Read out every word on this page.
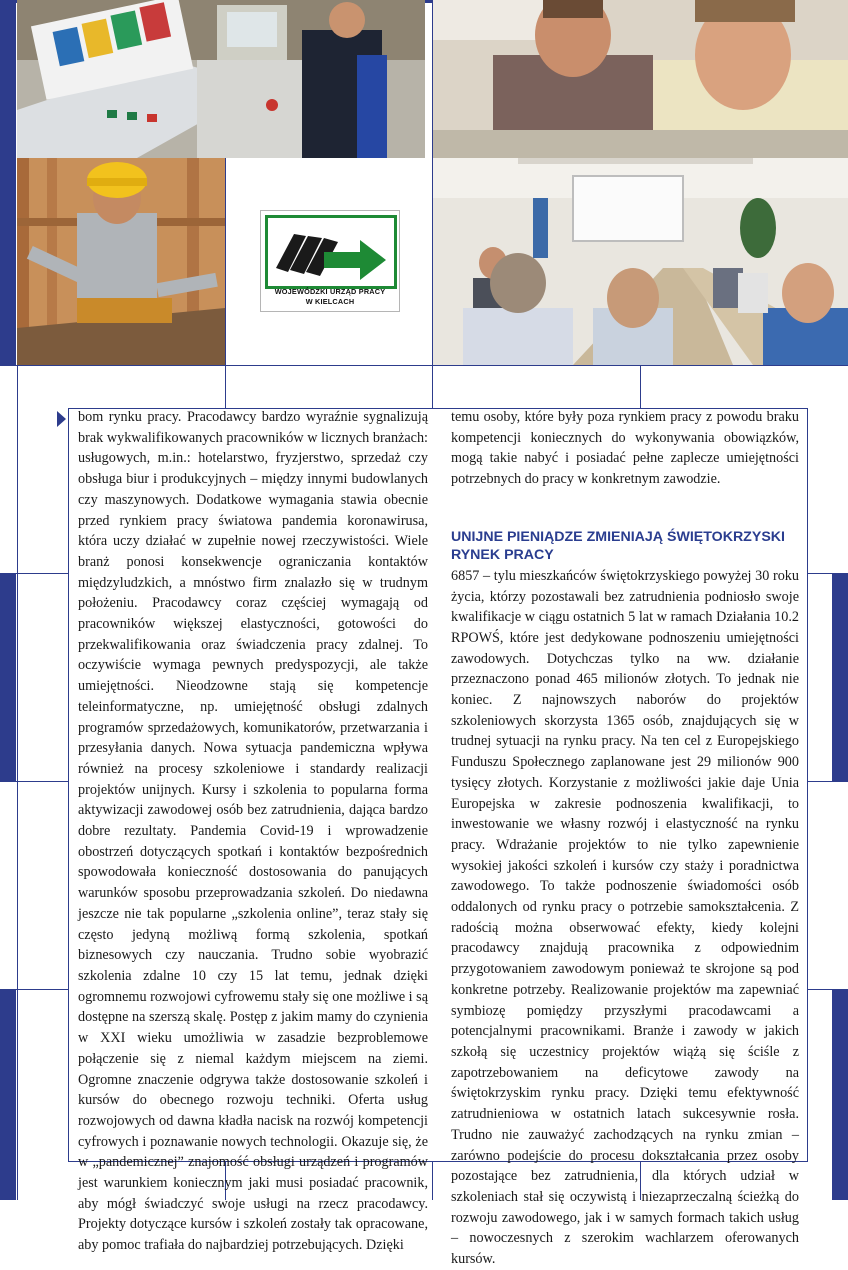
WOJEWÓDZKI URZĄD PRACY
W KIELCACH
bom rynku pracy. Pracodawcy bardzo wyraźnie sygnalizują brak wykwalifikowanych pracowników w licznych branżach: usługowych, m.in.: hotelarstwo, fryzjerstwo, sprzedaż czy obsługa biur i produkcyjnych – między innymi budowlanych czy maszynowych. Dodatkowe wymagania stawia obecnie przed rynkiem pracy światowa pandemia koronawirusa, która uczy działać w zupełnie nowej rzeczywistości. Wiele branż ponosi konsekwencje ograniczania kontaktów międzyludzkich, a mnóstwo firm znalazło się w trudnym położeniu. Pracodawcy coraz częściej wymagają od pracowników większej elastyczności, gotowości do przekwalifikowania oraz świadczenia pracy zdalnej. To oczywiście wymaga pewnych predyspozycji, ale także umiejętności. Nieodzowne stają się kompetencje teleinformatyczne, np. umiejętność obsługi zdalnych programów sprzedażowych, komunikatorów, przetwarzania i przesyłania danych. Nowa sytuacja pandemiczna wpływa również na procesy szkoleniowe i standardy realizacji projektów unijnych. Kursy i szkolenia to popularna forma aktywizacji zawodowej osób bez zatrudnienia, dająca bardzo dobre rezultaty. Pandemia Covid-19 i wprowadzenie obostrzeń dotyczących spotkań i kontaktów bezpośrednich spowodowała konieczność dostosowania do panujących warunków sposobu przeprowadzania szkoleń. Do niedawna jeszcze nie tak popularne „szkolenia online”, teraz stały się często jedyną możliwą formą szkolenia, spotkań biznesowych czy nauczania. Trudno sobie wyobrazić szkolenia zdalne 10 czy 15 lat temu, jednak dzięki ogromnemu rozwojowi cyfrowemu stały się one możliwe i są dostępne na szerszą skalę. Postęp z jakim mamy do czynienia w XXI wieku umożliwia w zasadzie bezproblemowe połączenie się z niemal każdym miejscem na ziemi. Ogromne znaczenie odgrywa także dostosowanie szkoleń i kursów do obecnego rozwoju techniki. Oferta usług rozwojowych od dawna kładła nacisk na rozwój kompetencji cyfrowych i poznawanie nowych technologii. Okazuje się, że w „pandemicznej” znajomość obsługi urządzeń i programów jest warunkiem koniecznym jaki musi posiadać pracownik, aby mógł świadczyć swoje usługi na rzecz pracodawcy. Projekty dotyczące kursów i szkoleń zostały tak opracowane, aby pomoc trafiała do najbardziej potrzebujących. Dzięki

temu osoby, które były poza rynkiem pracy z powodu braku kompetencji koniecznych do wykonywania obowiązków, mogą takie nabyć i posiadać pełne zaplecze umiejętności potrzebnych do pracy w konkretnym zawodzie.

UNIJNE PIENIĄDZE ZMIENIAJĄ ŚWIĘTOKRZYSKI RYNEK PRACY

6857 – tylu mieszkańców świętokrzyskiego powyżej 30 roku życia, którzy pozostawali bez zatrudnienia podniosło swoje kwalifikacje w ciągu ostatnich 5 lat w ramach Działania 10.2 RPOWŚ, które jest dedykowane podnoszeniu umiejętności zawodowych. Dotychczas tylko na ww. działanie przeznaczono ponad 465 milionów złotych. To jednak nie koniec. Z najnowszych naborów do projektów szkoleniowych skorzysta 1365 osób, znajdujących się w trudnej sytuacji na rynku pracy. Na ten cel z Europejskiego Funduszu Społecznego zaplanowane jest 29 milionów 900 tysięcy złotych. Korzystanie z możliwości jakie daje Unia Europejska w zakresie podnoszenia kwalifikacji, to inwestowanie we własny rozwój i elastyczność na rynku pracy. Wdrażanie projektów to nie tylko zapewnienie wysokiej jakości szkoleń i kursów czy staży i poradnictwa zawodowego. To także podnoszenie świadomości osób oddalonych od rynku pracy o potrzebie samokształcenia. Z radością można obserwować efekty, kiedy kolejni pracodawcy znajdują pracownika z odpowiednim przygotowaniem zawodowym ponieważ te skrojone są pod konkretne potrzeby. Realizowanie projektów ma zapewniać symbiozę pomiędzy przyszłymi pracodawcami a potencjalnymi pracownikami. Branże i zawody w jakich szkołą się uczestnicy projektów wiążą się ściśle z zapotrzebowaniem na deficytowe zawody na świętokrzyskim rynku pracy. Dzięki temu efektywność zatrudnieniowa w ostatnich latach sukcesywnie rosła. Trudno nie zauważyć zachodzących na rynku zmian – zarówno podejście do procesu dokształcania przez osoby pozostające bez zatrudnienia, dla których udział w szkoleniach stał się oczywistą i niezaprzeczalną ścieżką do rozwoju zawodowego, jak i w samych formach takich usług – nowoczesnych z szerokim wachlarzem oferowanych kursów.
